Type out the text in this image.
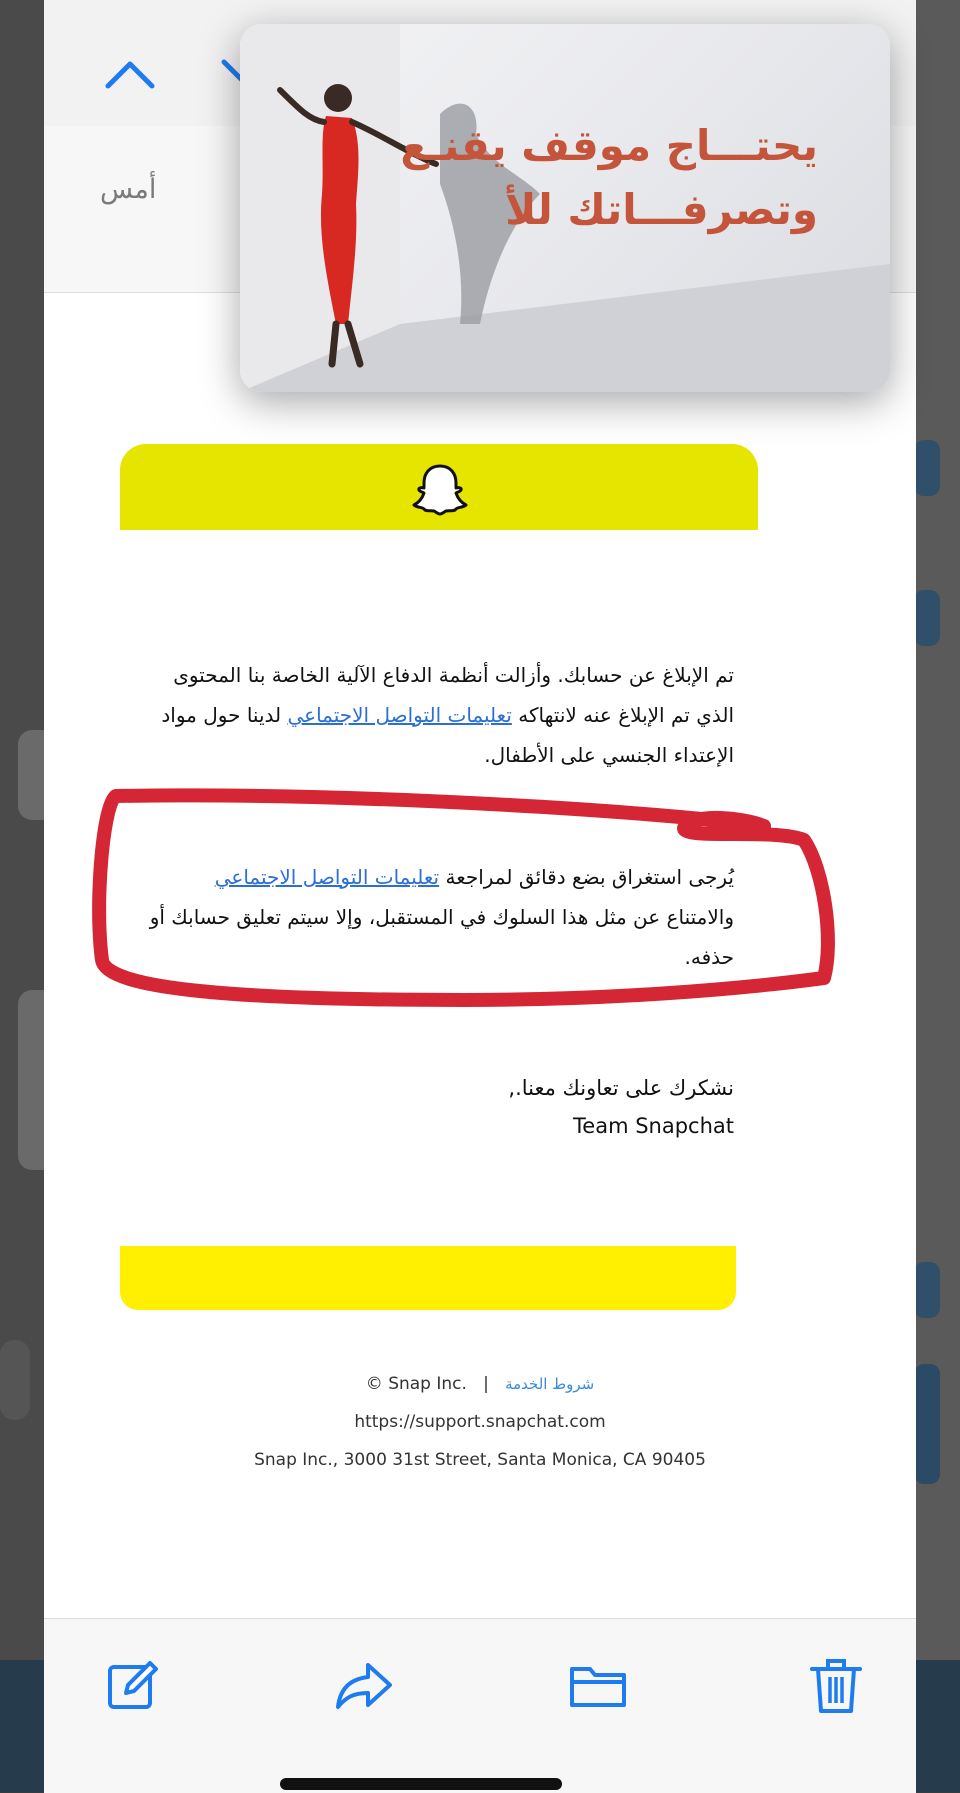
أمس
تم الإبلاغ عن حسابك. وأزالت أنظمة الدفاع الآلية الخاصة بنا المحتوى الذي تم الإبلاغ عنه لانتهاكه تعليمات التواصل الاجتماعي لدينا حول مواد الإعتداء الجنسي على الأطفال.
يُرجى استغراق بضع دقائق لمراجعة تعليمات التواصل الاجتماعي والامتناع عن مثل هذا السلوك في المستقبل، وإلا سيتم تعليق حسابك أو حذفه.
نشكرك على تعاونك معنا.,
Team Snapchat
© Snap Inc. | شروط الخدمة
https://support.snapchat.com
Snap Inc., 3000 31st Street, Santa Monica, CA 90405
يحتـــاج موقف يقنـع
وتصرفـــاتك للأ
